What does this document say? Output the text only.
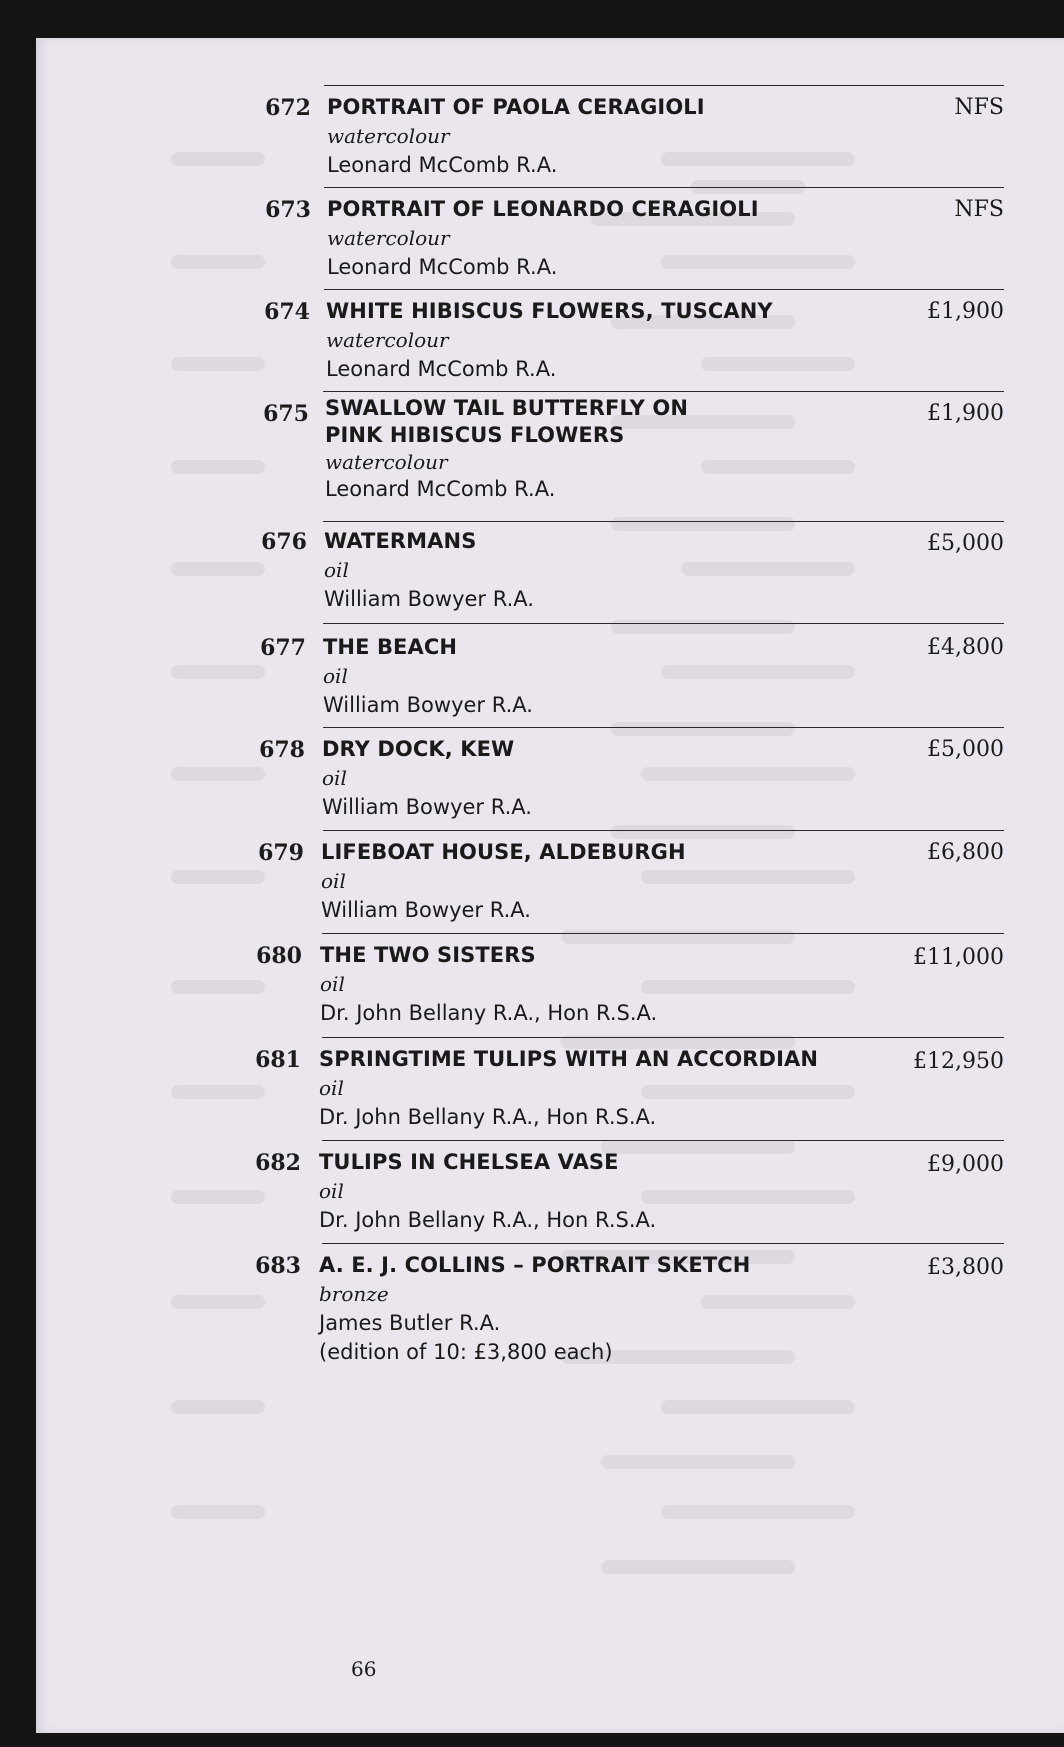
672 PORTRAIT OF PAOLA CERAGIOLI
watercolour
Leonard McComb R.A.
NFS
673 PORTRAIT OF LEONARDO CERAGIOLI
watercolour
Leonard McComb R.A.
NFS
674 WHITE HIBISCUS FLOWERS, TUSCANY
watercolour
Leonard McComb R.A.
£1,900
675 SWALLOW TAIL BUTTERFLY ON
PINK HIBISCUS FLOWERS
watercolour
Leonard McComb R.A.
£1,900
676 WATERMANS
oil
William Bowyer R.A.
£5,000
677 THE BEACH
oil
William Bowyer R.A.
£4,800
678 DRY DOCK, KEW
oil
William Bowyer R.A.
£5,000
679 LIFEBOAT HOUSE, ALDEBURGH
oil
William Bowyer R.A.
£6,800
680 THE TWO SISTERS
oil
Dr. John Bellany R.A., Hon R.S.A.
£11,000
681 SPRINGTIME TULIPS WITH AN ACCORDIAN
oil
Dr. John Bellany R.A., Hon R.S.A.
£12,950
682 TULIPS IN CHELSEA VASE
oil
Dr. John Bellany R.A., Hon R.S.A.
£9,000
683 A. E. J. COLLINS – PORTRAIT SKETCH
bronze
James Butler R.A.
(edition of 10: £3,800 each)
£3,800
66
